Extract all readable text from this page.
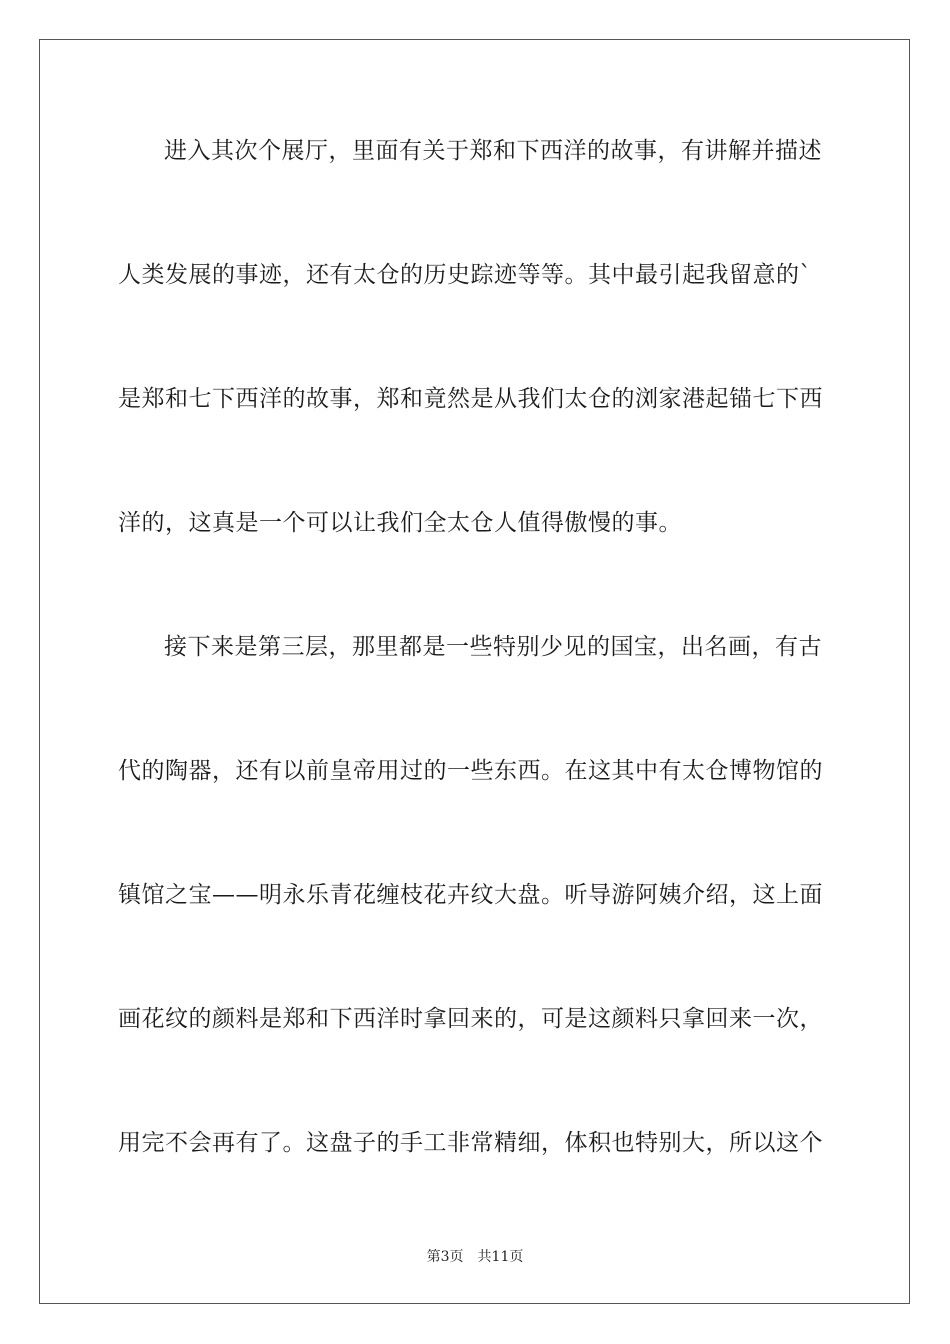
进入其次个展厅，里面有关于郑和下西洋的故事，有讲解并描述
人类发展的事迹，还有太仓的历史踪迹等等。其中最引起我留意的`
是郑和七下西洋的故事，郑和竟然是从我们太仓的浏家港起锚七下西
洋的，这真是一个可以让我们全太仓人值得傲慢的事。
接下来是第三层，那里都是一些特别少见的国宝，出名画，有古
代的陶器，还有以前皇帝用过的一些东西。在这其中有太仓博物馆的
镇馆之宝——明永乐青花缠枝花卉纹大盘。听导游阿姨介绍，这上面
画花纹的颜料是郑和下西洋时拿回来的，可是这颜料只拿回来一次，
用完不会再有了。这盘子的手工非常精细，体积也特别大，所以这个
第3页 共11页
